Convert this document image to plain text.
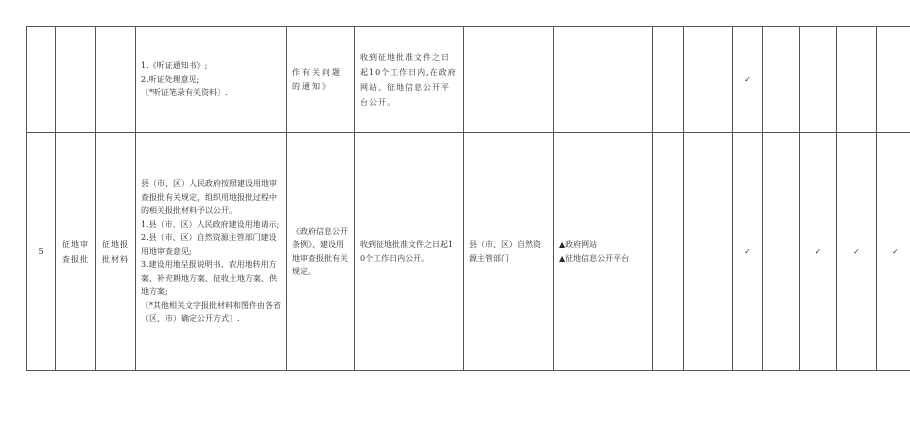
			1.《听证通知书》;
2.听证处理意见;
〔*听证笔录有关资料〕.	作有关问题的通知》	收到征地批准文件之日起10个工作日内,在政府网站、征地信息公开平台公开。					✓				
5	征地审查报批	征地报批材料	县（市、区）人民政府按照建设用地审查报批有关规定，组织用地报批过程中的相关报批材料予以公开。
1.县（市、区）人民政府建设用地请示;
2.县（市、区）自然资源主管部门建设用地审查意见;
3.建设用地呈报说明书、农用地转用方案、补充耕地方案、征收土地方案、供地方案;
〔*其他相关文字报批材料和图件由各省（区、市）确定公开方式〕.	《政府信息公开条例》、建设用地审查报批有关规定。	收到征地批准文件之日起10个工作日内公开。	县（市、区）自然资源主管部门	▲政府网站
▲征地信息公开平台			✓		✓	✓	✓
